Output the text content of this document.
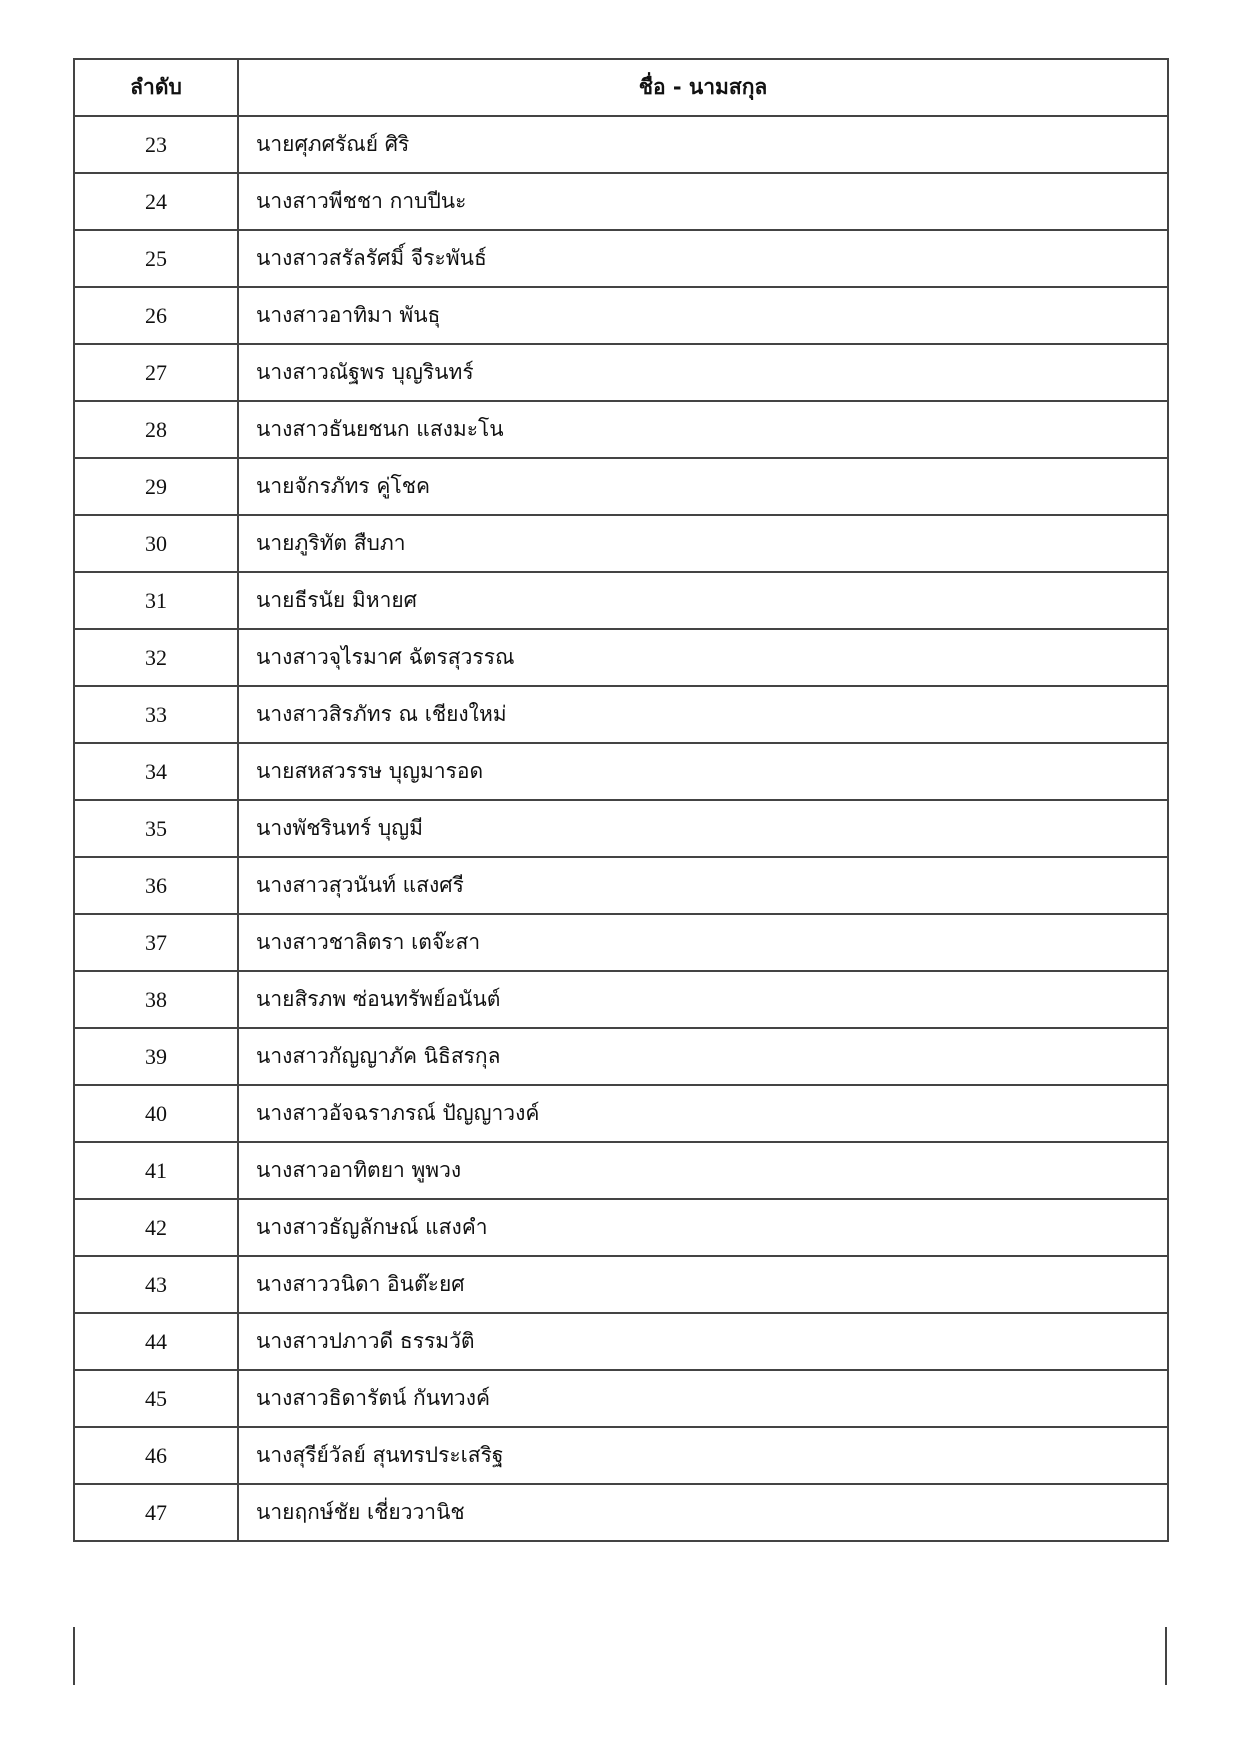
ลำดับ	ชื่อ - นามสกุล
23	นายศุภศรัณย์ ศิริ
24	นางสาวพีชชา กาบปีนะ
25	นางสาวสรัลรัศมิ์ จีระพันธ์
26	นางสาวอาทิมา พันธุ
27	นางสาวณัฐพร บุญรินทร์
28	นางสาวธันยชนก แสงมะโน
29	นายจักรภัทร คู่โชค
30	นายภูริทัต สืบภา
31	นายธีรนัย มิหายศ
32	นางสาวจุไรมาศ ฉัตรสุวรรณ
33	นางสาวสิรภัทร ณ เชียงใหม่
34	นายสหสวรรษ บุญมารอด
35	นางพัชรินทร์ บุญมี
36	นางสาวสุวนันท์ แสงศรี
37	นางสาวชาลิตรา เตจ๊ะสา
38	นายสิรภพ ซ่อนทรัพย์อนันต์
39	นางสาวกัญญาภัค นิธิสรกุล
40	นางสาวอัจฉราภรณ์ ปัญญาวงค์
41	นางสาวอาทิตยา พูพวง
42	นางสาวธัญลักษณ์ แสงคำ
43	นางสาววนิดา อินต๊ะยศ
44	นางสาวปภาวดี ธรรมวัติ
45	นางสาวธิดารัตน์ กันทวงค์
46	นางสุรีย์วัลย์ สุนทรประเสริฐ
47	นายฤกษ์ชัย เชี่ยววานิช
